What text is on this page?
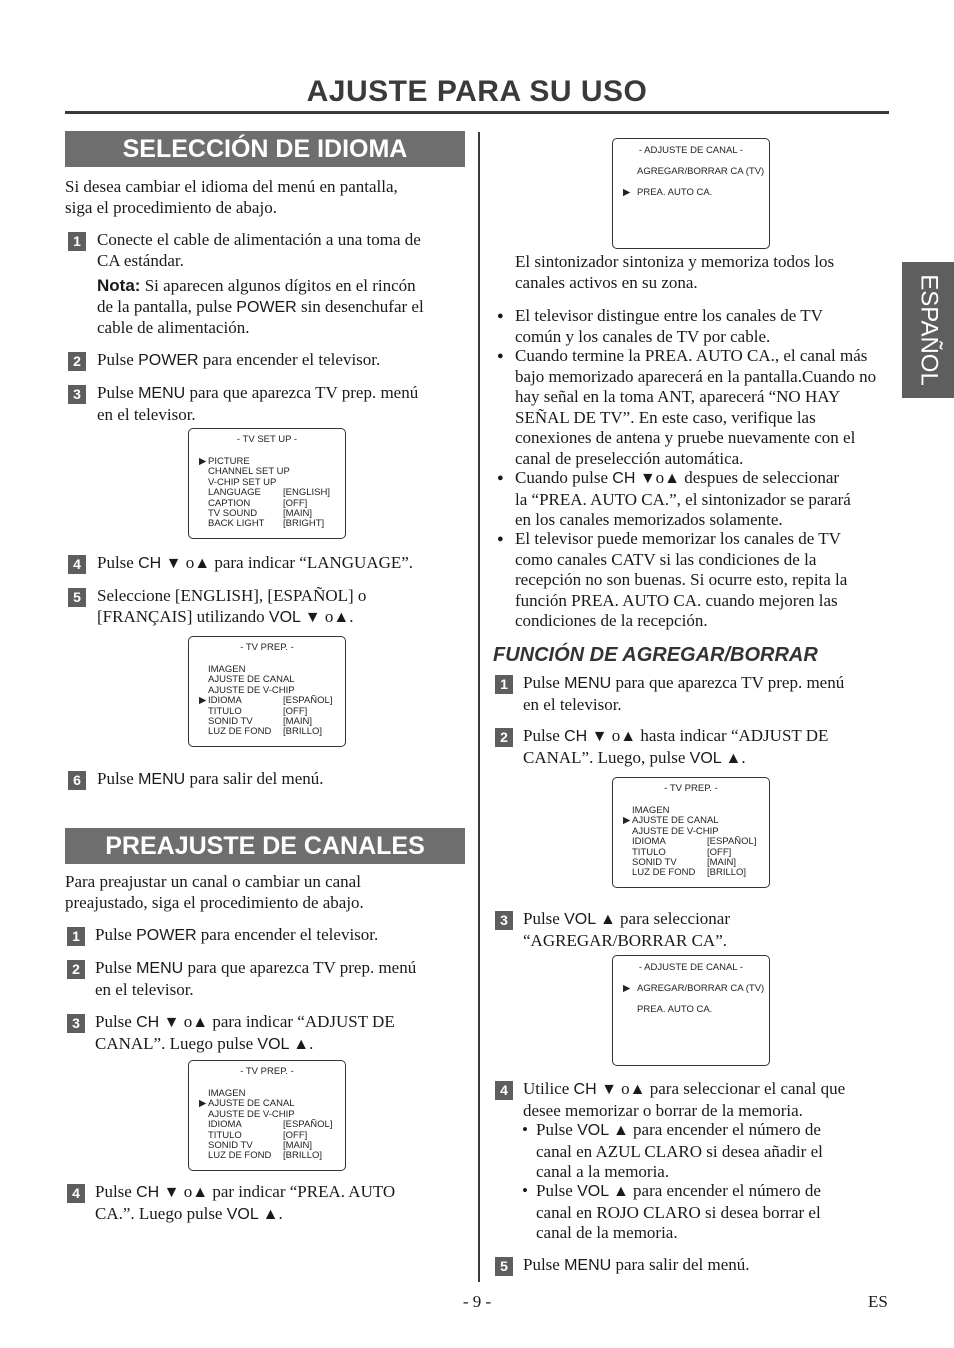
AJUSTE PARA SU USO
ESPAÑOL
SELECCIÓN DE IDIOMA
Si desea cambiar el idioma del menú en pantalla,
siga el procedimiento de abajo.
1 Conecte el cable de alimentación a una toma de
CA estándar.
Nota: Si aparecen algunos dígitos en el rincón
de la pantalla, pulse POWER sin desenchufar el
cable de alimentación.
2 Pulse POWER para encender el televisor.
3 Pulse MENU para que aparezca TV prep. menú
en el televisor.
- TV SET UP -
▶ PICTURE
CHANNEL SET UP
V-CHIP SET UP
LANGUAGE
CAPTION
TV SOUND
BACK LIGHT
[ENGLISH]
[OFF]
[MAIN]
[BRIGHT]
4 Pulse CH ▼ o▲ para indicar “LANGUAGE”.
5 Seleccione [ENGLISH], [ESPAÑOL] o
[FRANÇAIS] utilizando VOL ▼ o▲.
- TV PREP. -
IMAGEN
AJUSTE DE CANAL
AJUSTE DE V-CHIP
▶ IDIOMA
TITULO
SONID TV
LUZ DE FOND
[ESPAÑOL]
[OFF]
[MAIN]
[BRILLO]
6 Pulse MENU para salir del menú.
PREAJUSTE DE CANALES
Para preajustar un canal o cambiar un canal
preajustado, siga el procedimiento de abajo.
1 Pulse POWER para encender el televisor.
2 Pulse MENU para que aparezca TV prep. menú
en el televisor.
3 Pulse CH ▼ o▲ para indicar “ADJUST DE
CANAL”. Luego pulse VOL ▲.
- TV PREP. -
IMAGEN
▶ AJUSTE DE CANAL
AJUSTE DE V-CHIP
IDIOMA
TITULO
SONID TV
LUZ DE FOND
[ESPAÑOL]
[OFF]
[MAIN]
[BRILLO]
4 Pulse CH ▼ o▲ par indicar “PREA. AUTO
CA.”. Luego pulse VOL ▲.
- ADJUSTE DE CANAL -
AGREGAR/BORRAR CA (TV)
▶ PREA. AUTO CA.
El sintonizador sintoniza y memoriza todos los
canales activos en su zona.
● El televisor distingue entre los canales de TV
común y los canales de TV por cable.
● Cuando termine la PREA. AUTO CA., el canal más
bajo memorizado aparecerá en la pantalla.Cuando no
hay señal en la toma ANT, aparecerá “NO HAY
SEÑAL DE TV”. En este caso, verifique las
conexiones de antena y pruebe nuevamente con el
canal de preselección automática.
● Cuando pulse CH ▼o▲ despues de seleccionar
la “PREA. AUTO CA.”, el sintonizador se parará
en los canales memorizados solamente.
● El televisor puede memorizar los canales de TV
como canales CATV si las condiciones de la
recepción no son buenas. Si ocurre esto, repita la
función PREA. AUTO CA. cuando mejoren las
condiciones de la recepción.
FUNCIÓN DE AGREGAR/BORRAR
1 Pulse MENU para que aparezca TV prep. menú
en el televisor.
2 Pulse CH ▼ o▲ hasta indicar “ADJUST DE
CANAL”. Luego, pulse VOL ▲.
- TV PREP. -
IMAGEN
▶ AJUSTE DE CANAL
AJUSTE DE V-CHIP
IDIOMA
TITULO
SONID TV
LUZ DE FOND
[ESPAÑOL]
[OFF]
[MAIN]
[BRILLO]
3 Pulse VOL ▲ para seleccionar
“AGREGAR/BORRAR CA”.
- ADJUSTE DE CANAL -
▶ AGREGAR/BORRAR CA (TV)
PREA. AUTO CA.
4 Utilice CH ▼ o▲ para seleccionar el canal que
desee memorizar o borrar de la memoria.
• Pulse VOL ▲ para encender el número de
canal en AZUL CLARO si desea añadir el
canal a la memoria.
• Pulse VOL ▲ para encender el número de
canal en ROJO CLARO si desea borrar el
canal de la memoria.
5 Pulse MENU para salir del menú.
- 9 -	ES
